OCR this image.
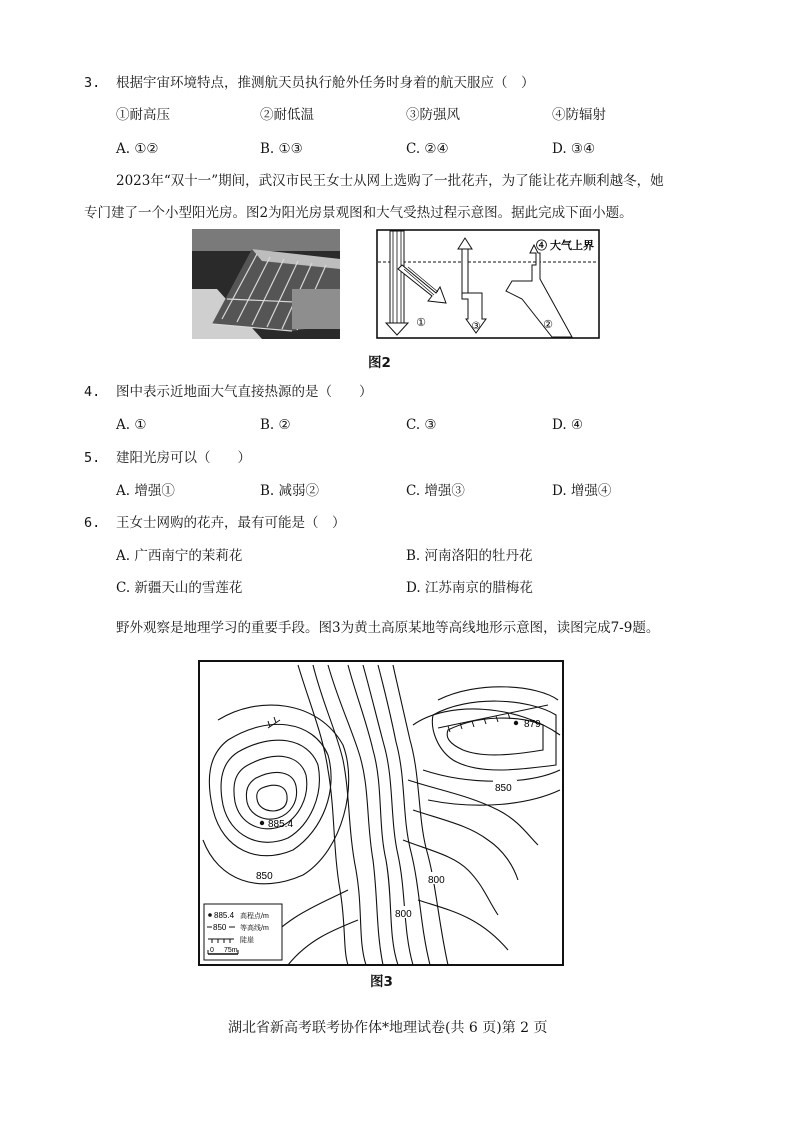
3. 根据宇宙环境特点，推测航天员执行舱外任务时身着的航天服应（　）
①耐高压	②耐低温	③防强风	④防辐射
A. ①②	B. ①③	C. ②④	D. ③④
2023年“双十一”期间，武汉市民王女士从网上选购了一批花卉，为了能让花卉顺利越冬，她
专门建了一个小型阳光房。图2为阳光房景观图和大气受热过程示意图。据此完成下面小题。
①	③	②
④ 大气上界
图2
4. 图中表示近地面大气直接热源的是（　　）
A. ①	B. ②	C. ③	D. ④
5. 建阳光房可以（　　）
A. 增强①	B. 减弱②	C. 增强③	D. 增强④
6. 王女士网购的花卉，最有可能是（　）
A. 广西南宁的茉莉花	B. 河南洛阳的牡丹花
C. 新疆天山的雪莲花	D. 江苏南京的腊梅花
野外观察是地理学习的重要手段。图3为黄土高原某地等高线地形示意图，读图完成7-9题。
879
885.4
850
850	800
800
885.4 高程点/m
850 等高线/m
陡崖
0 75m
图3
湖北省新高考联考协作体*地理试卷(共 6 页)第 2 页
